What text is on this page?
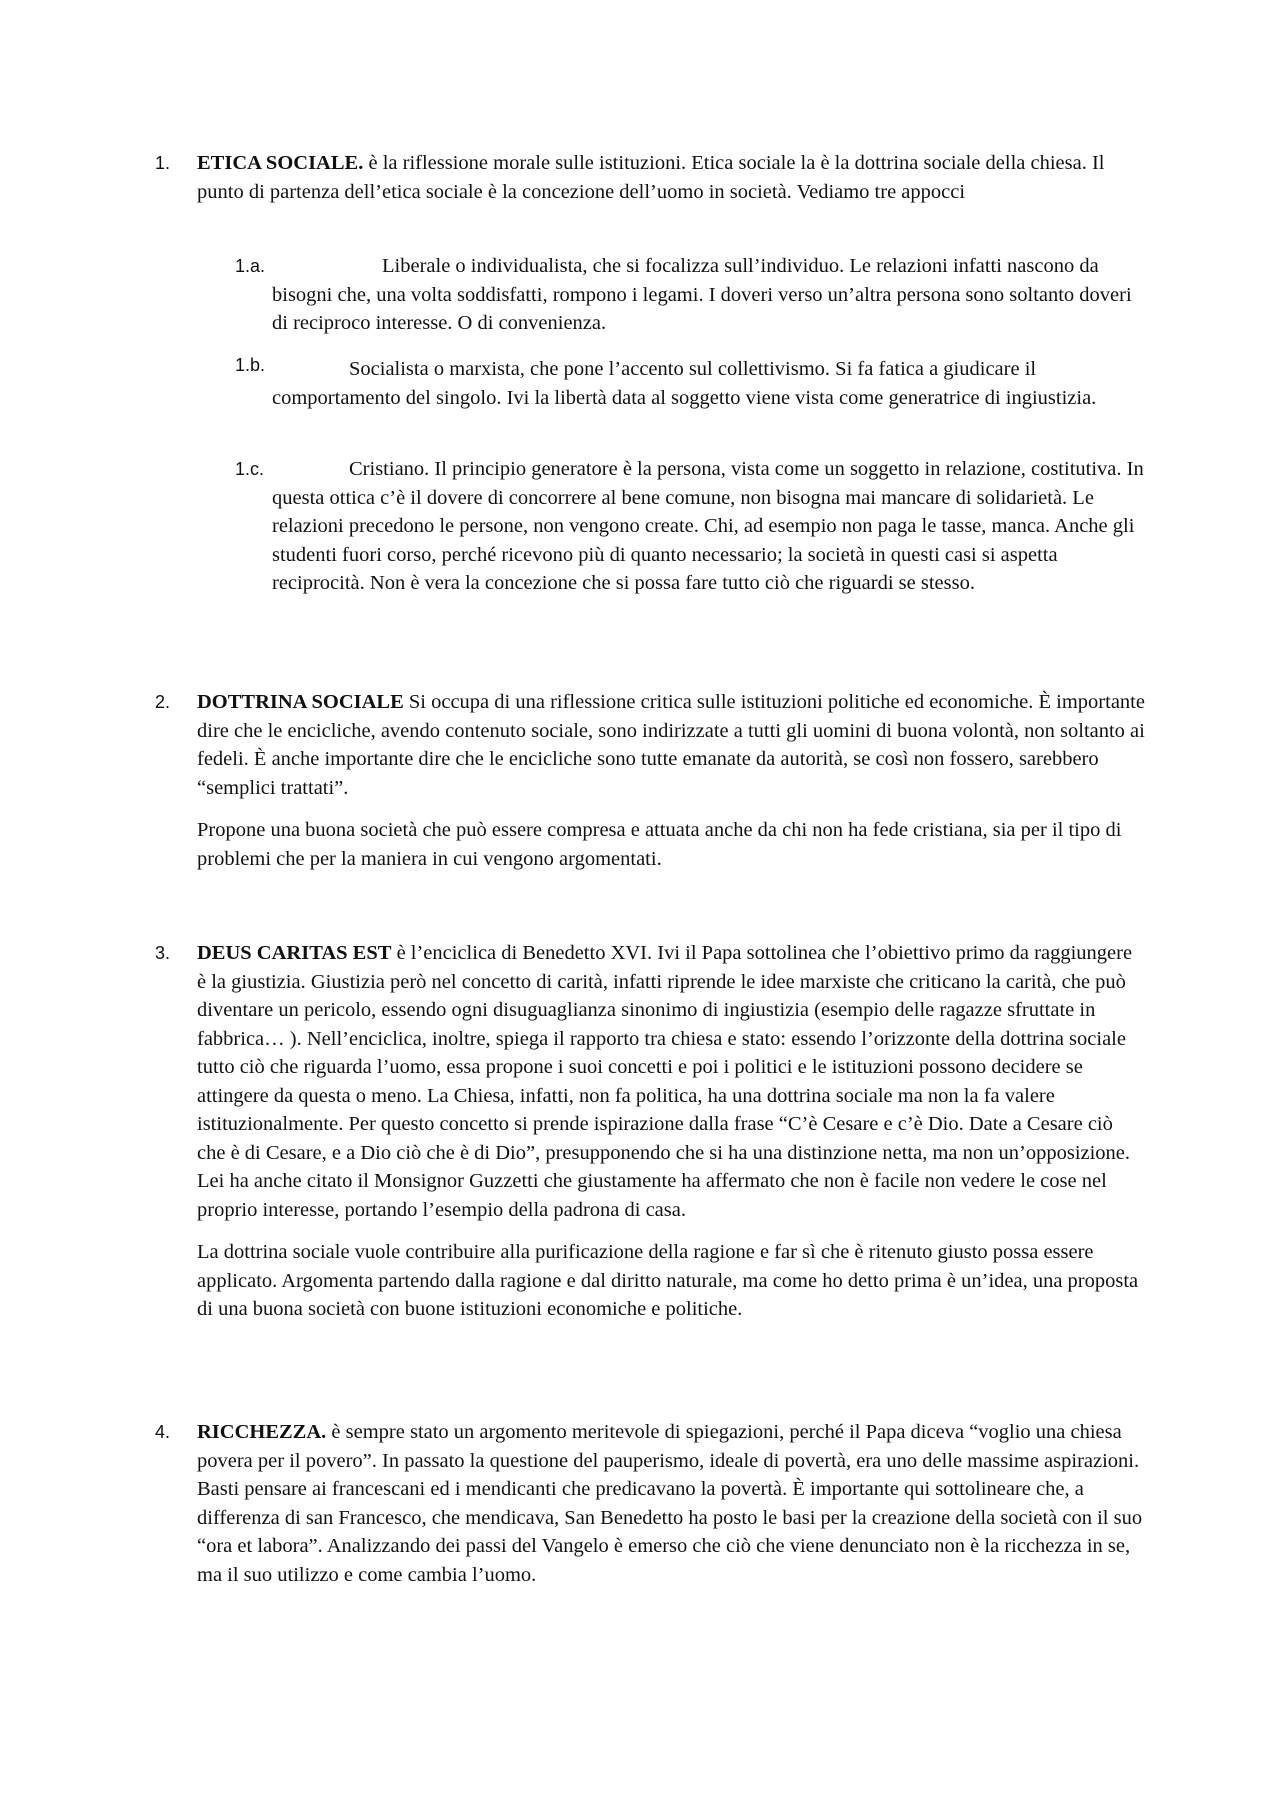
1.	ETICA SOCIALE. è la riflessione morale sulle istituzioni. Etica sociale la è la dottrina sociale della chiesa. Il punto di partenza dell’etica sociale è la concezione dell’uomo in società. Vediamo tre appocci
1.a.	Liberale o individualista, che si focalizza sull’individuo. Le relazioni infatti nascono da bisogni che, una volta soddisfatti, rompono i legami. I doveri verso un’altra persona sono soltanto doveri di reciproco interesse. O di convenienza.
1.b.	Socialista o marxista, che pone l’accento sul collettivismo. Si fa fatica a giudicare il comportamento del singolo. Ivi la libertà data al soggetto viene vista come generatrice di ingiustizia.
1.c.	Cristiano. Il principio generatore è la persona, vista come un soggetto in relazione, costitutiva. In questa ottica c’è il dovere di concorrere al bene comune, non bisogna mai mancare di solidarietà. Le relazioni precedono le persone, non vengono create. Chi, ad esempio non paga le tasse, manca. Anche gli studenti fuori corso, perché ricevono più di quanto necessario; la società in questi casi si aspetta reciprocità. Non è vera la concezione che si possa fare tutto ciò che riguardi se stesso.
2.	DOTTRINA SOCIALE Si occupa di una riflessione critica sulle istituzioni politiche ed economiche. È importante dire che le encicliche, avendo contenuto sociale, sono indirizzate a tutti gli uomini di buona volontà, non soltanto ai fedeli. È anche importante dire che le encicliche sono tutte emanate da autorità, se così non fossero, sarebbero “semplici trattati”.
Propone una buona società che può essere compresa e attuata anche da chi non ha fede cristiana, sia per il tipo di problemi che per la maniera in cui vengono argomentati.
3.	DEUS CARITAS EST è l’enciclica di Benedetto XVI. Ivi il Papa sottolinea che l’obiettivo primo da raggiungere è la giustizia. Giustizia però nel concetto di carità, infatti riprende le idee marxiste che criticano la carità, che può diventare un pericolo, essendo ogni disuguaglianza sinonimo di ingiustizia (esempio delle ragazze sfruttate in fabbrica… ). Nell’enciclica, inoltre, spiega il rapporto tra chiesa e stato: essendo l’orizzonte della dottrina sociale tutto ciò che riguarda l’uomo, essa propone i suoi concetti e poi i politici e le istituzioni possono decidere se attingere da questa o meno. La Chiesa, infatti, non fa politica, ha una dottrina sociale ma non la fa valere istituzionalmente. Per questo concetto si prende ispirazione dalla frase “C’è Cesare e c’è Dio. Date a Cesare ciò che è di Cesare, e a Dio ciò che è di Dio”, presupponendo che si ha una distinzione netta, ma non un’opposizione. Lei ha anche citato il Monsignor Guzzetti che giustamente ha affermato che non è facile non vedere le cose nel proprio interesse, portando l’esempio della padrona di casa.
La dottrina sociale vuole contribuire alla purificazione della ragione e far sì che è ritenuto giusto possa essere applicato. Argomenta partendo dalla ragione e dal diritto naturale, ma come ho detto prima è un’idea, una proposta di una buona società con buone istituzioni economiche e politiche.
4.	RICCHEZZA. è sempre stato un argomento meritevole di spiegazioni, perché il Papa diceva “voglio una chiesa povera per il povero”. In passato la questione del pauperismo, ideale di povertà, era uno delle massime aspirazioni. Basti pensare ai francescani ed i mendicanti che predicavano la povertà. È importante qui sottolineare che, a differenza di san Francesco, che mendicava, San Benedetto ha posto le basi per la creazione della società con il suo “ora et labora”. Analizzando dei passi del Vangelo è emerso che ciò che viene denunciato non è la ricchezza in se, ma il suo utilizzo e come cambia l’uomo.
